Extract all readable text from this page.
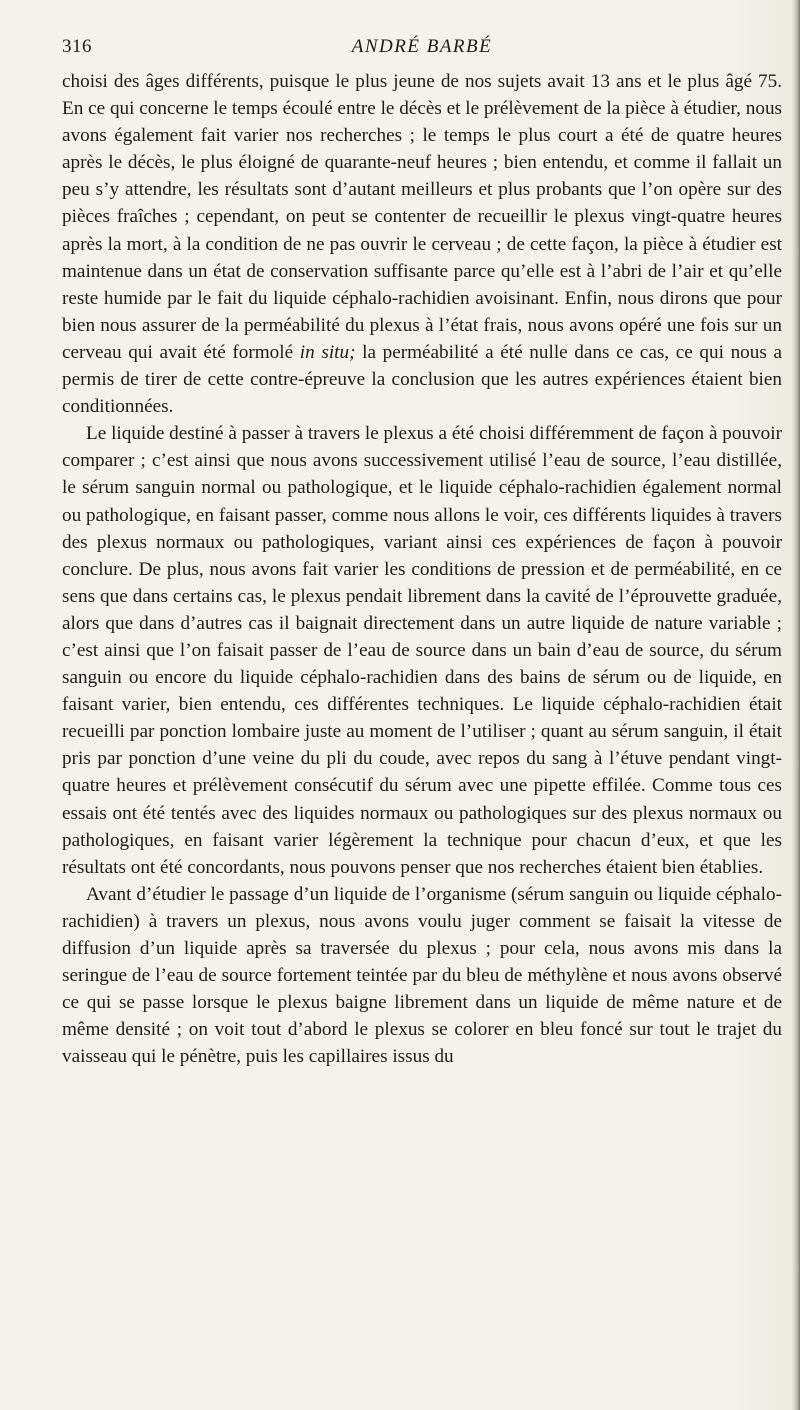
316	ANDRÉ BARBÉ

choisi des âges différents, puisque le plus jeune de nos sujets avait 13 ans et le plus âgé 75. En ce qui concerne le temps écoulé entre le décès et le prélèvement de la pièce à étudier, nous avons également fait varier nos recherches ; le temps le plus court a été de quatre heures après le décès, le plus éloigné de quarante-neuf heures ; bien entendu, et comme il fallait un peu s’y attendre, les résultats sont d’autant meilleurs et plus probants que l’on opère sur des pièces fraîches ; cependant, on peut se contenter de recueillir le plexus vingt-quatre heures après la mort, à la condition de ne pas ouvrir le cerveau ; de cette façon, la pièce à étudier est maintenue dans un état de conservation suffisante parce qu’elle est à l’abri de l’air et qu’elle reste humide par le fait du liquide céphalo-rachidien avoisinant. Enfin, nous dirons que pour bien nous assurer de la perméabilité du plexus à l’état frais, nous avons opéré une fois sur un cerveau qui avait été formolé in situ; la perméabilité a été nulle dans ce cas, ce qui nous a permis de tirer de cette contre-épreuve la conclusion que les autres expériences étaient bien conditionnées.

Le liquide destiné à passer à travers le plexus a été choisi différemment de façon à pouvoir comparer ; c’est ainsi que nous avons successivement utilisé l’eau de source, l’eau distillée, le sérum sanguin normal ou pathologique, et le liquide céphalo-rachidien également normal ou pathologique, en faisant passer, comme nous allons le voir, ces différents liquides à travers des plexus normaux ou pathologiques, variant ainsi ces expériences de façon à pouvoir conclure. De plus, nous avons fait varier les conditions de pression et de perméabilité, en ce sens que dans certains cas, le plexus pendait librement dans la cavité de l’éprouvette graduée, alors que dans d’autres cas il baignait directement dans un autre liquide de nature variable ; c’est ainsi que l’on faisait passer de l’eau de source dans un bain d’eau de source, du sérum sanguin ou encore du liquide céphalo-rachidien dans des bains de sérum ou de liquide, en faisant varier, bien entendu, ces différentes techniques. Le liquide céphalo-rachidien était recueilli par ponction lombaire juste au moment de l’utiliser ; quant au sérum sanguin, il était pris par ponction d’une veine du pli du coude, avec repos du sang à l’étuve pendant vingt-quatre heures et prélèvement consécutif du sérum avec une pipette effilée. Comme tous ces essais ont été tentés avec des liquides normaux ou pathologiques sur des plexus normaux ou pathologiques, en faisant varier légèrement la technique pour chacun d’eux, et que les résultats ont été concordants, nous pouvons penser que nos recherches étaient bien établies.

Avant d’étudier le passage d’un liquide de l’organisme (sérum sanguin ou liquide céphalo-rachidien) à travers un plexus, nous avons voulu juger comment se faisait la vitesse de diffusion d’un liquide après sa traversée du plexus ; pour cela, nous avons mis dans la seringue de l’eau de source fortement teintée par du bleu de méthylène et nous avons observé ce qui se passe lorsque le plexus baigne librement dans un liquide de même nature et de même densité ; on voit tout d’abord le plexus se colorer en bleu foncé sur tout le trajet du vaisseau qui le pénètre, puis les capillaires issus du
